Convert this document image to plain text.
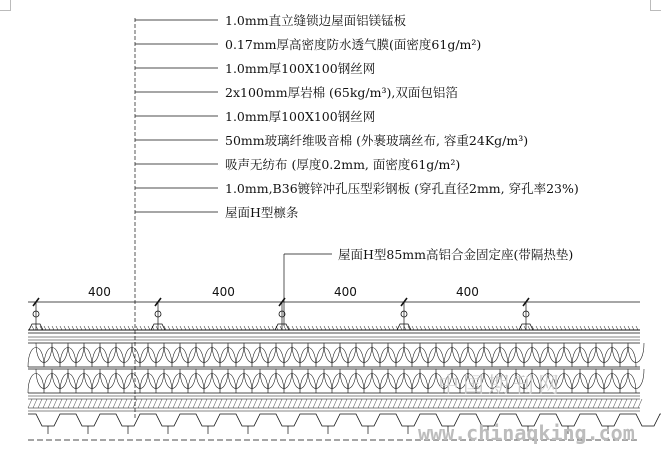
1.0mm直立缝锁边屋面铝镁锰板
0.17mm厚高密度防水透气膜(面密度61g/m²)
1.0mm厚100X100钢丝网
2x100mm厚岩棉 (65kg/m³),双面包铝箔
1.0mm厚100X100钢丝网
50mm玻璃纤维吸音棉 (外裹玻璃丝布, 容重24Kg/m³)
吸声无纺布 (厚度0.2mm, 面密度61g/m²)
1.0mm,B36镀锌冲孔压型彩钢板 (穿孔直径2mm, 穿孔率23%)
屋面H型檩条
屋面H型85mm高铝合金固定座(带隔热垫)
400	400	400	400
中国期刊网
www.chinaqking.com
